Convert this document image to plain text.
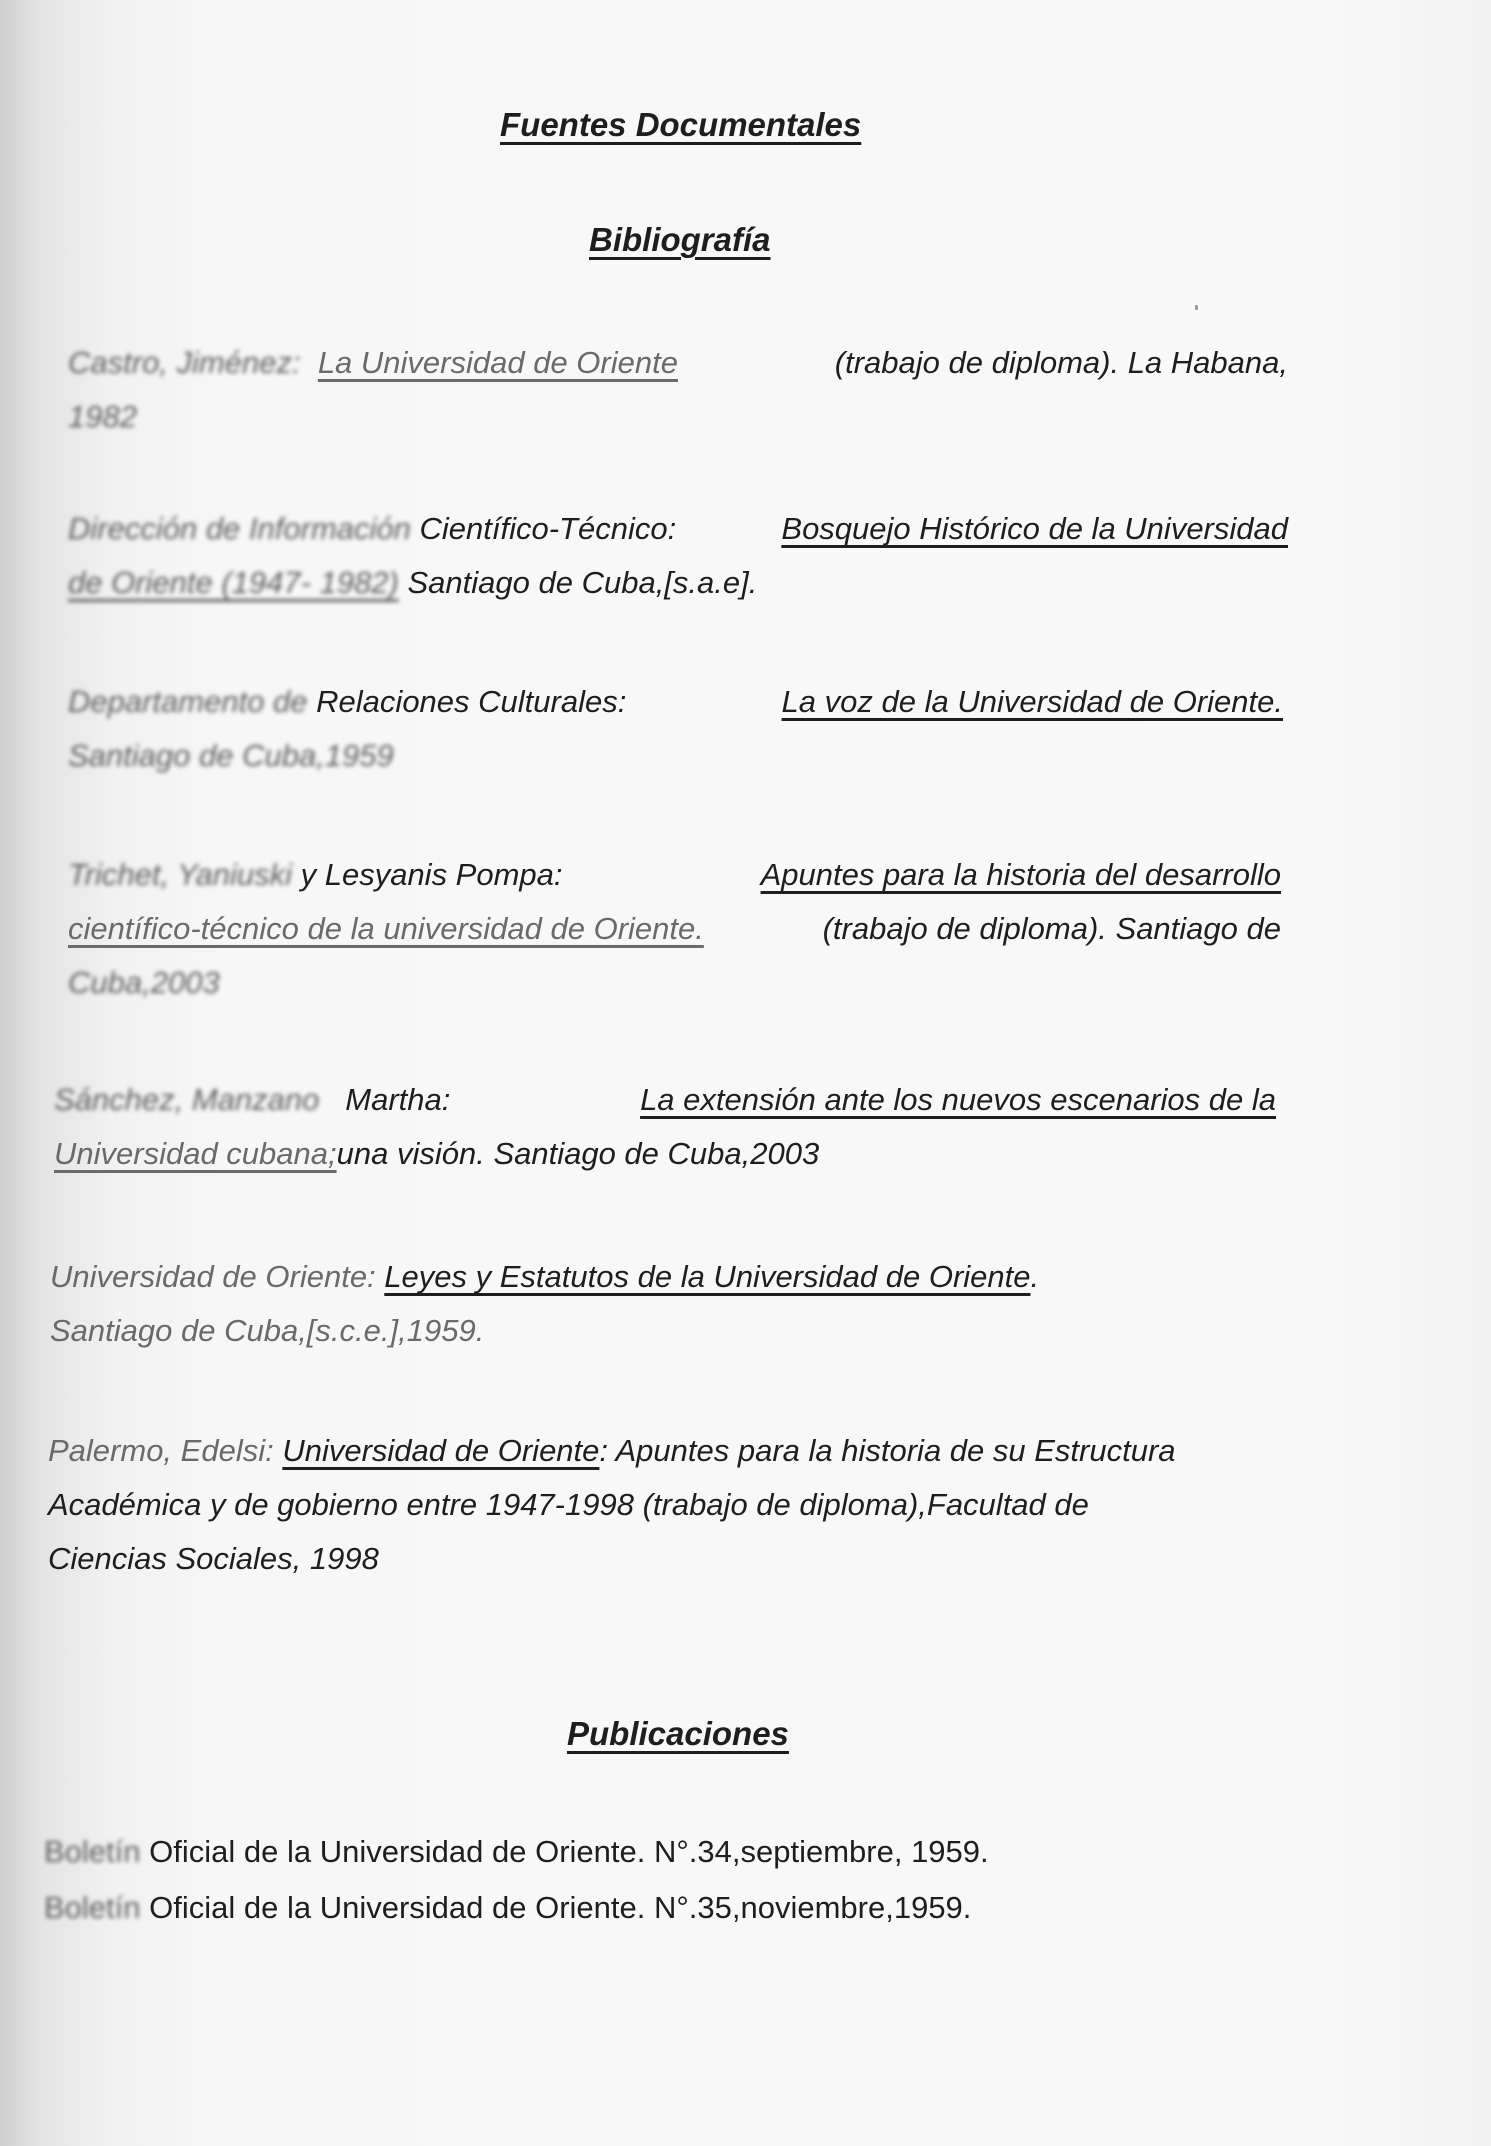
Fuentes Documentales
Bibliografía
Castro, Jiménez: La Universidad de Oriente	(trabajo de diploma). La Habana,
1982
Dirección de Información Científico-Técnico:	Bosquejo Histórico de la Universidad
de Oriente (1947- 1982) Santiago de Cuba,[s.a.e].
Departamento de Relaciones Culturales:	La voz de la Universidad de Oriente.
Santiago de Cuba,1959
Trichet, Yaniuski y Lesyanis Pompa:	Apuntes para la historia del desarrollo
científico-técnico de la universidad de Oriente.	(trabajo de diploma). Santiago de
Cuba,2003
Sánchez, Manzano Martha:	La extensión ante los nuevos escenarios de la
Universidad cubana;una visión. Santiago de Cuba,2003
Universidad de Oriente: Leyes y Estatutos de la Universidad de Oriente.
Santiago de Cuba,[s.c.e.],1959.
Palermo, Edelsi: Universidad de Oriente: Apuntes para la historia de su Estructura
Académica y de gobierno entre 1947-1998 (trabajo de diploma),Facultad de
Ciencias Sociales, 1998
Publicaciones
Boletín Oficial de la Universidad de Oriente. N°.34,septiembre, 1959.
Boletín Oficial de la Universidad de Oriente. N°.35,noviembre,1959.
